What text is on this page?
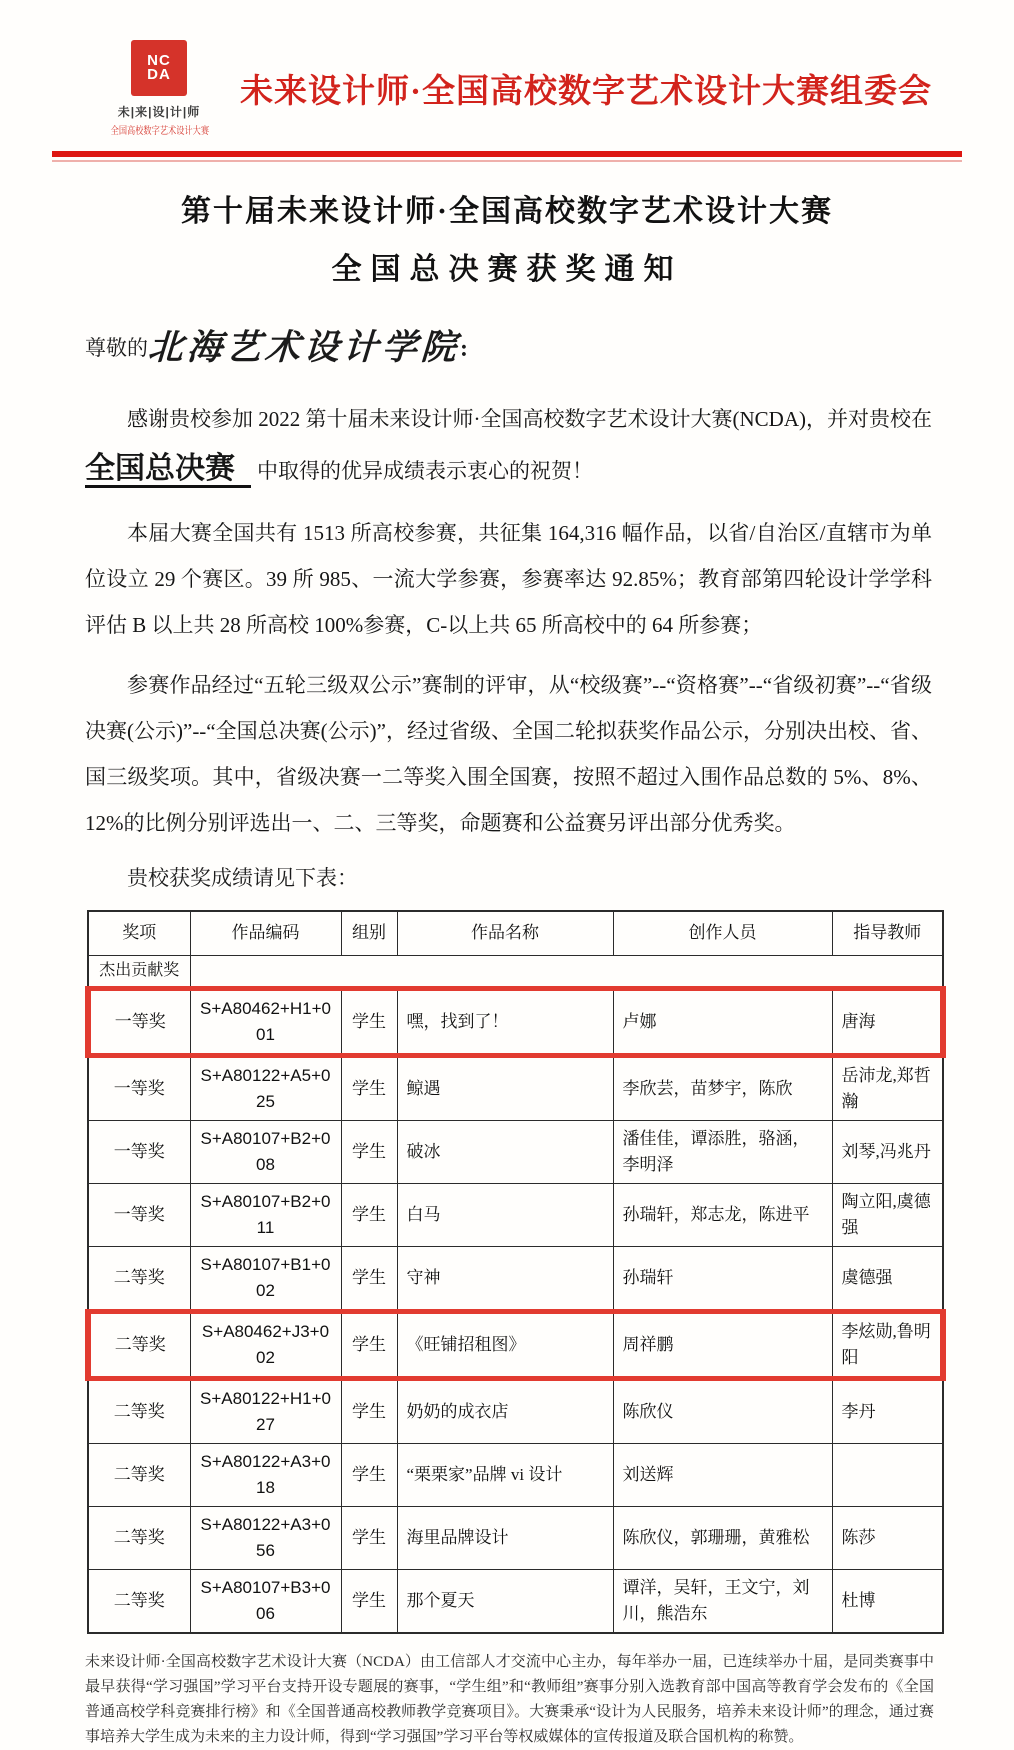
NC
DA
未|来|设|计|师
全国高校数字艺术设计大赛
未来设计师·全国高校数字艺术设计大赛组委会
第十届未来设计师·全国高校数字艺术设计大赛
全国总决赛获奖通知
尊敬的 北海艺术设计学院
:

感谢贵校参加 2022 第十届未来设计师·全国高校数字艺术设计大赛(NCDA)，并对贵校在全国总决赛 中取得的优异成绩表示衷心的祝贺！

本届大赛全国共有 1513 所高校参赛，共征集 164,316 幅作品，以省/自治区/直辖市为单位设立 29 个赛区。39 所 985、一流大学参赛，参赛率达 92.85%；教育部第四轮设计学学科评估 B 以上共 28 所高校 100%参赛，C-以上共 65 所高校中的 64 所参赛；

参赛作品经过“五轮三级双公示”赛制的评审，从“校级赛”--“资格赛”--“省级初赛”--“省级决赛(公示)”--“全国总决赛(公示)”，经过省级、全国二轮拟获奖作品公示，分别决出校、省、国三级奖项。其中，省级决赛一二等奖入围全国赛，按照不超过入围作品总数的 5%、8%、12%的比例分别评选出一、二、三等奖，命题赛和公益赛另评出部分优秀奖。

贵校获奖成绩请见下表：

奖项	作品编码	组别	作品名称	创作人员	指导教师
杰出贡献奖					
一等奖	S+A80462+H1+001	学生	嘿，找到了！	卢娜	唐海
一等奖	S+A80122+A5+025	学生	鲸遇	李欣芸，苗梦宇，陈欣	岳沛龙,郑哲瀚
一等奖	S+A80107+B2+008	学生	破冰	潘佳佳，谭添胜，骆涵，李明泽	刘琴,冯兆丹
一等奖	S+A80107+B2+011	学生	白马	孙瑞轩，郑志龙，陈进平	陶立阳,虞德强
二等奖	S+A80107+B1+002	学生	守神	孙瑞轩	虞德强
二等奖	S+A80462+J3+002	学生	《旺铺招租图》	周祥鹏	李炫勋,鲁明阳
二等奖	S+A80122+H1+027	学生	奶奶的成衣店	陈欣仪	李丹
二等奖	S+A80122+A3+018	学生	“栗栗家”品牌 vi 设计	刘送辉	
二等奖	S+A80122+A3+056	学生	海里品牌设计	陈欣仪，郭珊珊，黄雅松	陈莎
二等奖	S+A80107+B3+006	学生	那个夏天	谭洋，吴轩，王文宁，刘川，熊浩东	杜博

未来设计师·全国高校数字艺术设计大赛（NCDA）由工信部人才交流中心主办，每年举办一届，已连续举办十届，是同类赛事中最早获得“学习强国”学习平台支持开设专题展的赛事，“学生组”和“教师组”赛事分别入选教育部中国高等教育学会发布的《全国普通高校学科竞赛排行榜》和《全国普通高校教师教学竞赛项目》。大赛秉承“设计为人民服务，培养未来设计师”的理念，通过赛事培养大学生成为未来的主力设计师，得到“学习强国”学习平台等权威媒体的宣传报道及联合国机构的称赞。
